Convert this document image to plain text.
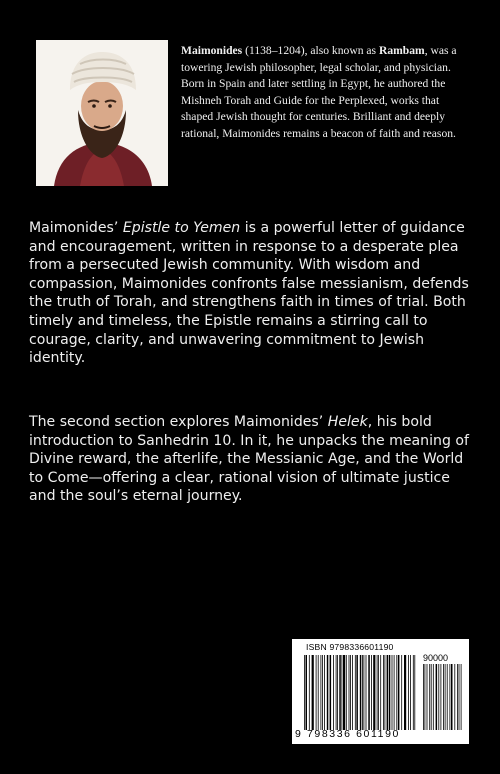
Maimonides (1138–1204), also known as Rambam, was a towering Jewish philosopher, legal scholar, and physician. Born in Spain and later settling in Egypt, he authored the Mishneh Torah and Guide for the Perplexed, works that shaped Jewish thought for centuries. Brilliant and deeply rational, Maimonides remains a beacon of faith and reason.

Maimonides’ Epistle to Yemen is a powerful letter of guidance and encouragement, written in response to a desperate plea from a persecuted Jewish community. With wisdom and compassion, Maimonides confronts false messianism, defends the truth of Torah, and strengthens faith in times of trial. Both timely and timeless, the Epistle remains a stirring call to courage, clarity, and unwavering commitment to Jewish identity.

The second section explores Maimonides’ Helek, his bold introduction to Sanhedrin 10. In it, he unpacks the meaning of Divine reward, the afterlife, the Messianic Age, and the World to Come—offering a clear, rational vision of ultimate justice and the soul’s eternal journey.

ISBN 9798336601190
90000
9 798336 601190
